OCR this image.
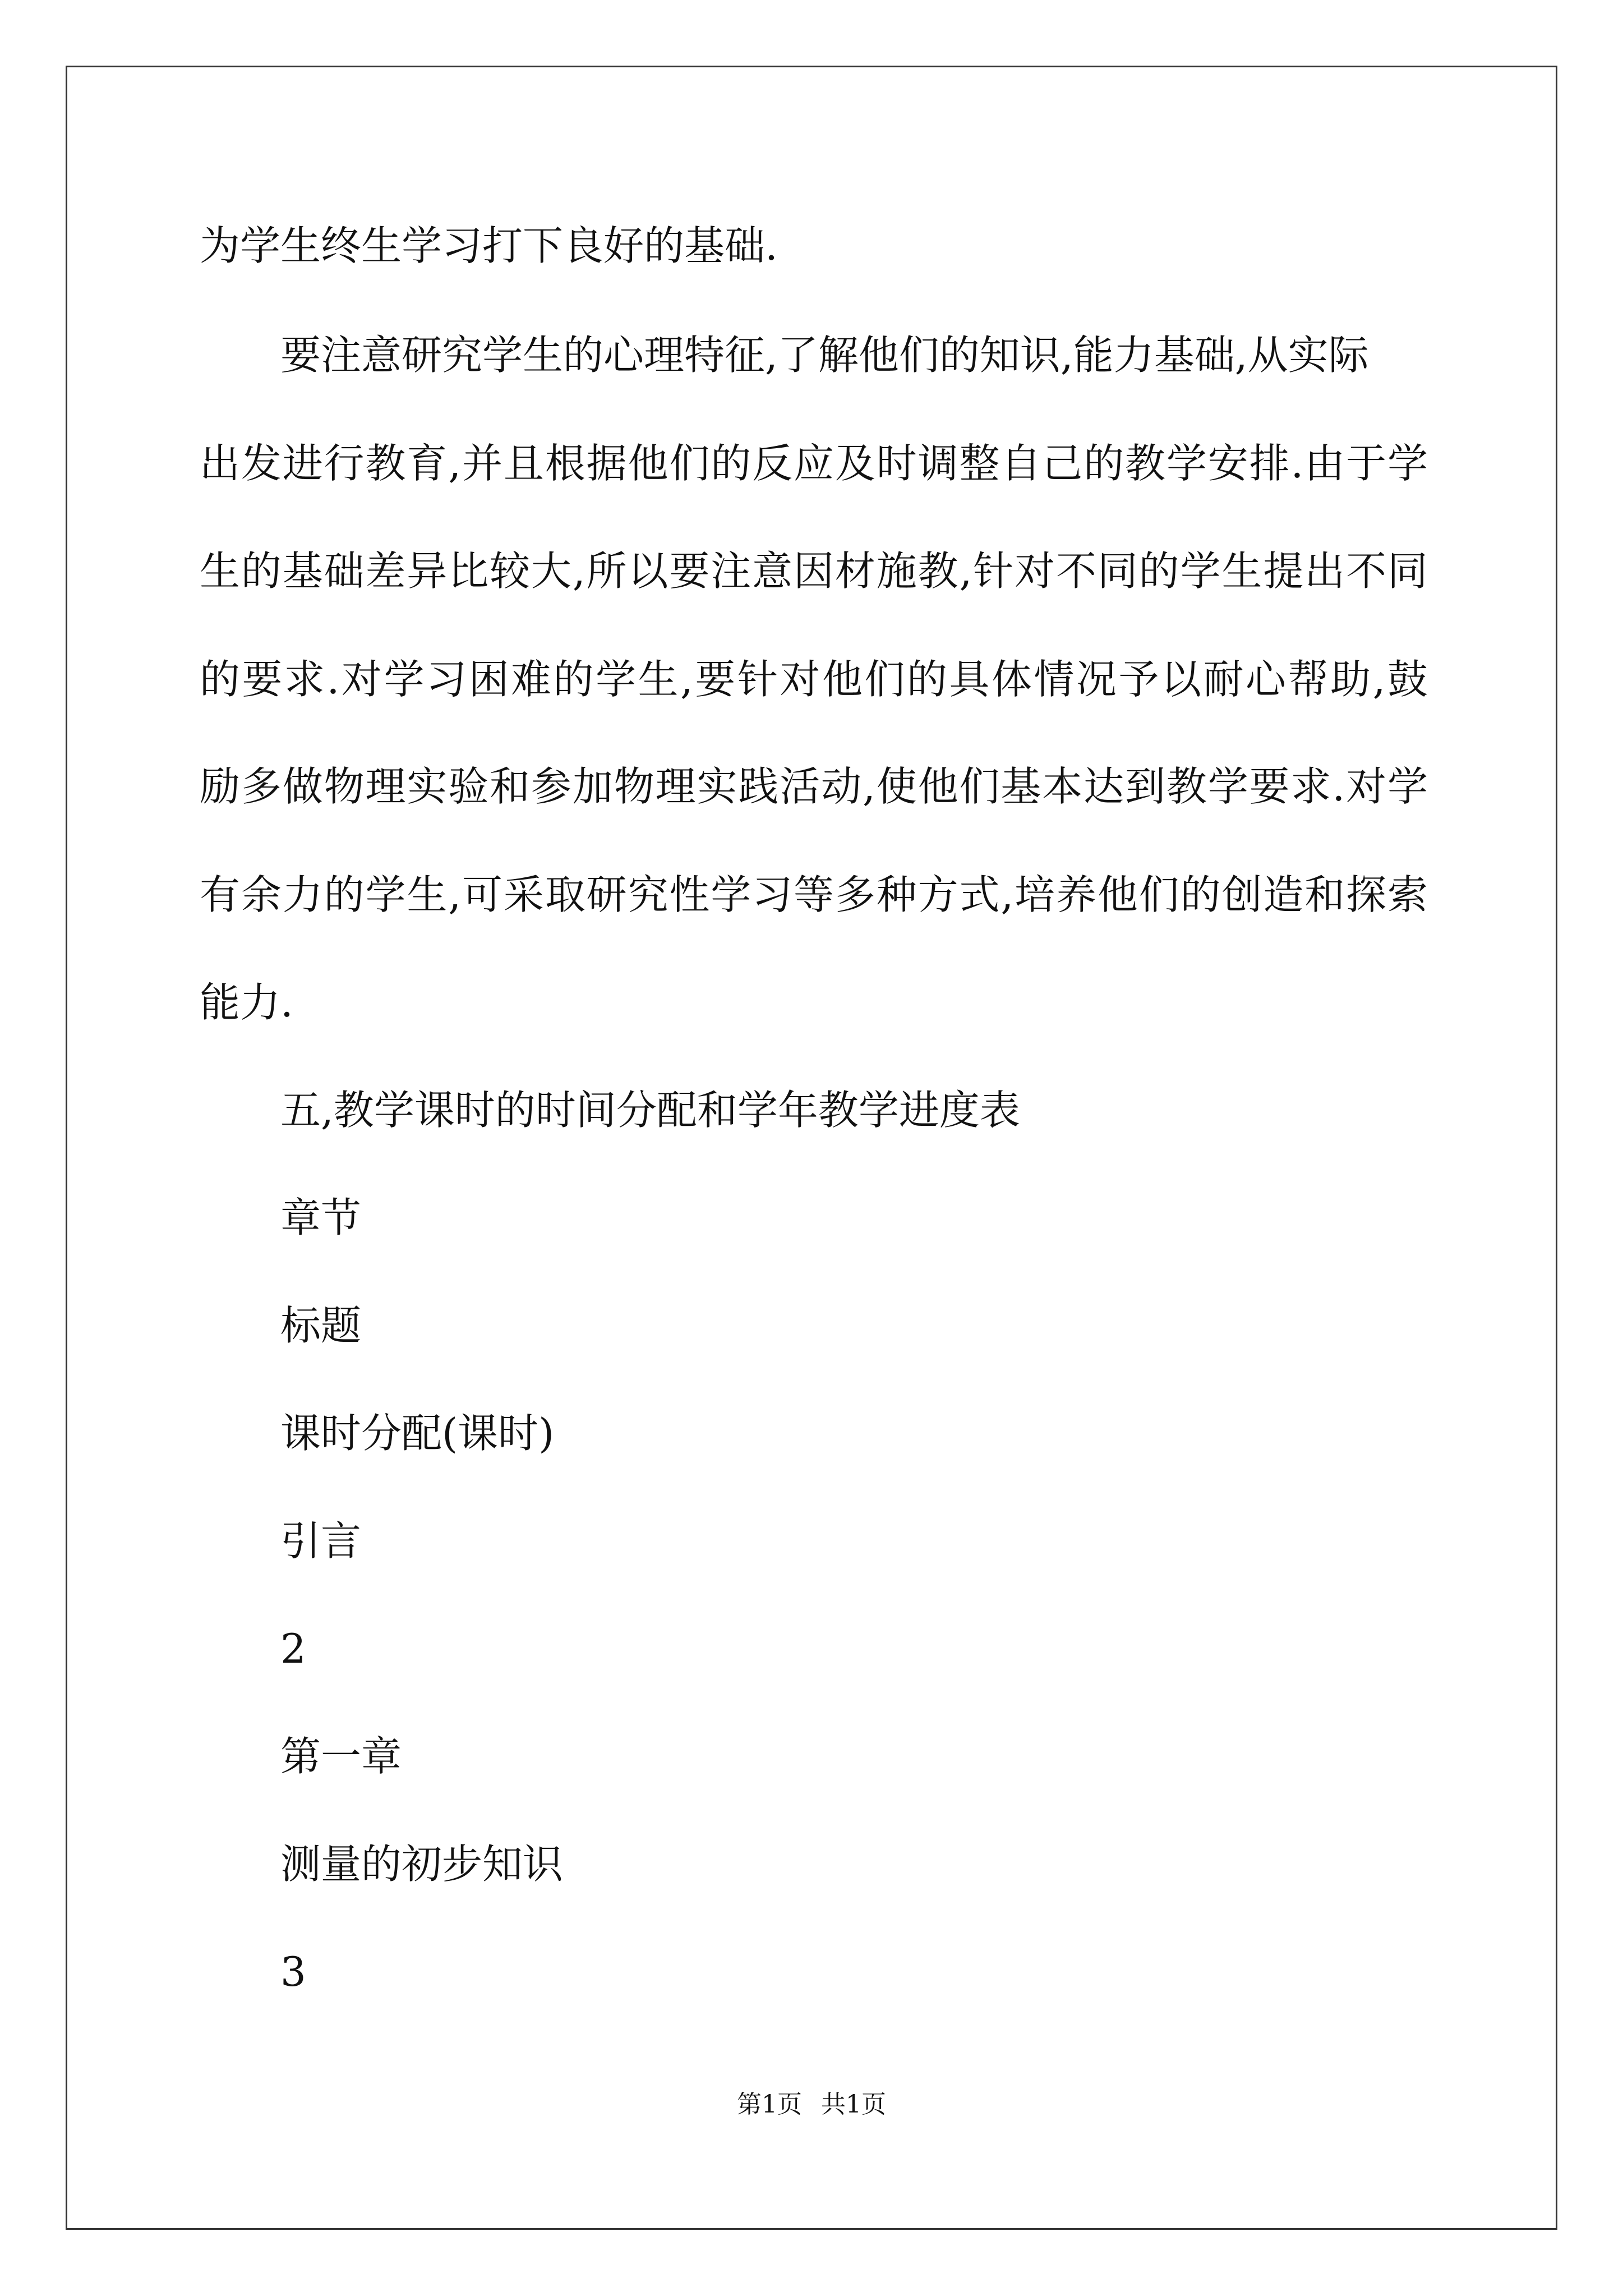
为学生终生学习打下良好的基础.
要注意研究学生的心理特征,了解他们的知识,能力基础,从实际
出发进行教育,并且根据他们的反应及时调整自己的教学安排.由于学
生的基础差异比较大,所以要注意因材施教,针对不同的学生提出不同
的要求.对学习困难的学生,要针对他们的具体情况予以耐心帮助,鼓
励多做物理实验和参加物理实践活动,使他们基本达到教学要求.对学
有余力的学生,可采取研究性学习等多种方式,培养他们的创造和探索
能力.
五,教学课时的时间分配和学年教学进度表
章节
标题
课时分配(课时)
引言
2
第一章
测量的初步知识
3
第1页 共1页
